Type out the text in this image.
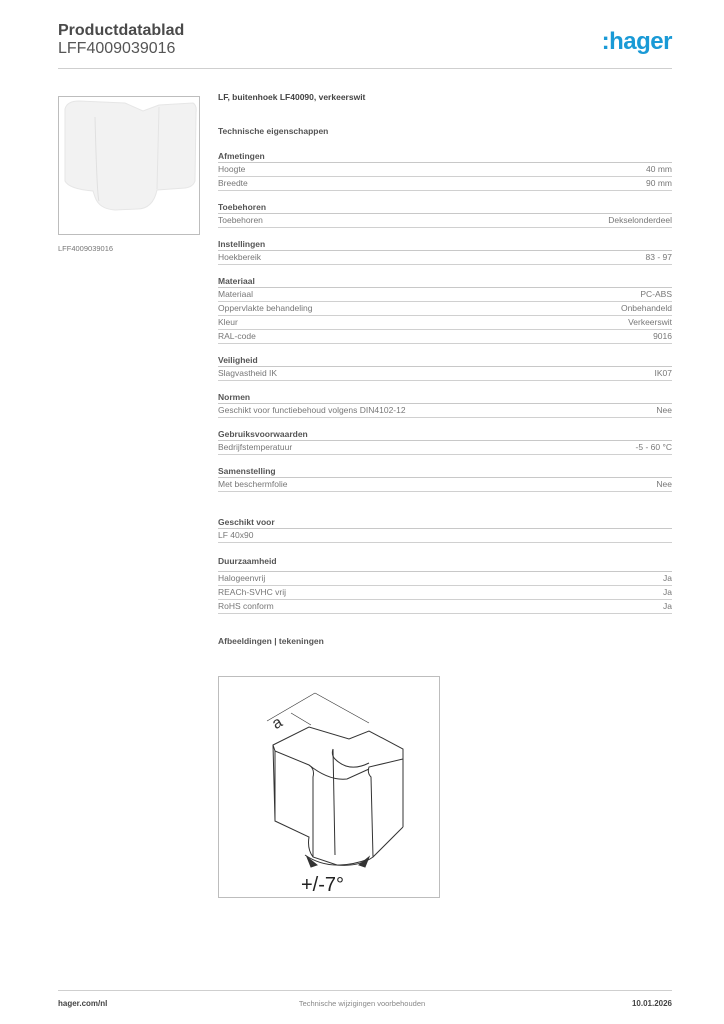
Productdatablad
LFF4009039016	:hager
LFF4009039016
LF, buitenhoek LF40090, verkeerswit
Technische eigenschappen
Afmetingen
Hoogte	40 mm
Breedte	90 mm
Toebehoren
Toebehoren	Dekselonderdeel
Instellingen
Hoekbereik	83 - 97
Materiaal
Materiaal	PC-ABS
Oppervlakte behandeling	Onbehandeld
Kleur	Verkeerswit
RAL-code	9016
Veiligheid
Slagvastheid IK	IK07
Normen
Geschikt voor functiebehoud volgens DIN4102-12	Nee
Gebruiksvoorwaarden
Bedrijfstemperatuur	-5 - 60 °C
Samenstelling
Met beschermfolie	Nee
Geschikt voor
LF 40x90
Duurzaamheid
Halogeenvrij	Ja
REACh-SVHC vrij	Ja
RoHS conform	Ja
Afbeeldingen | tekeningen
a
+/-7°
hager.com/nl	Technische wijzigingen voorbehouden	10.01.2026
